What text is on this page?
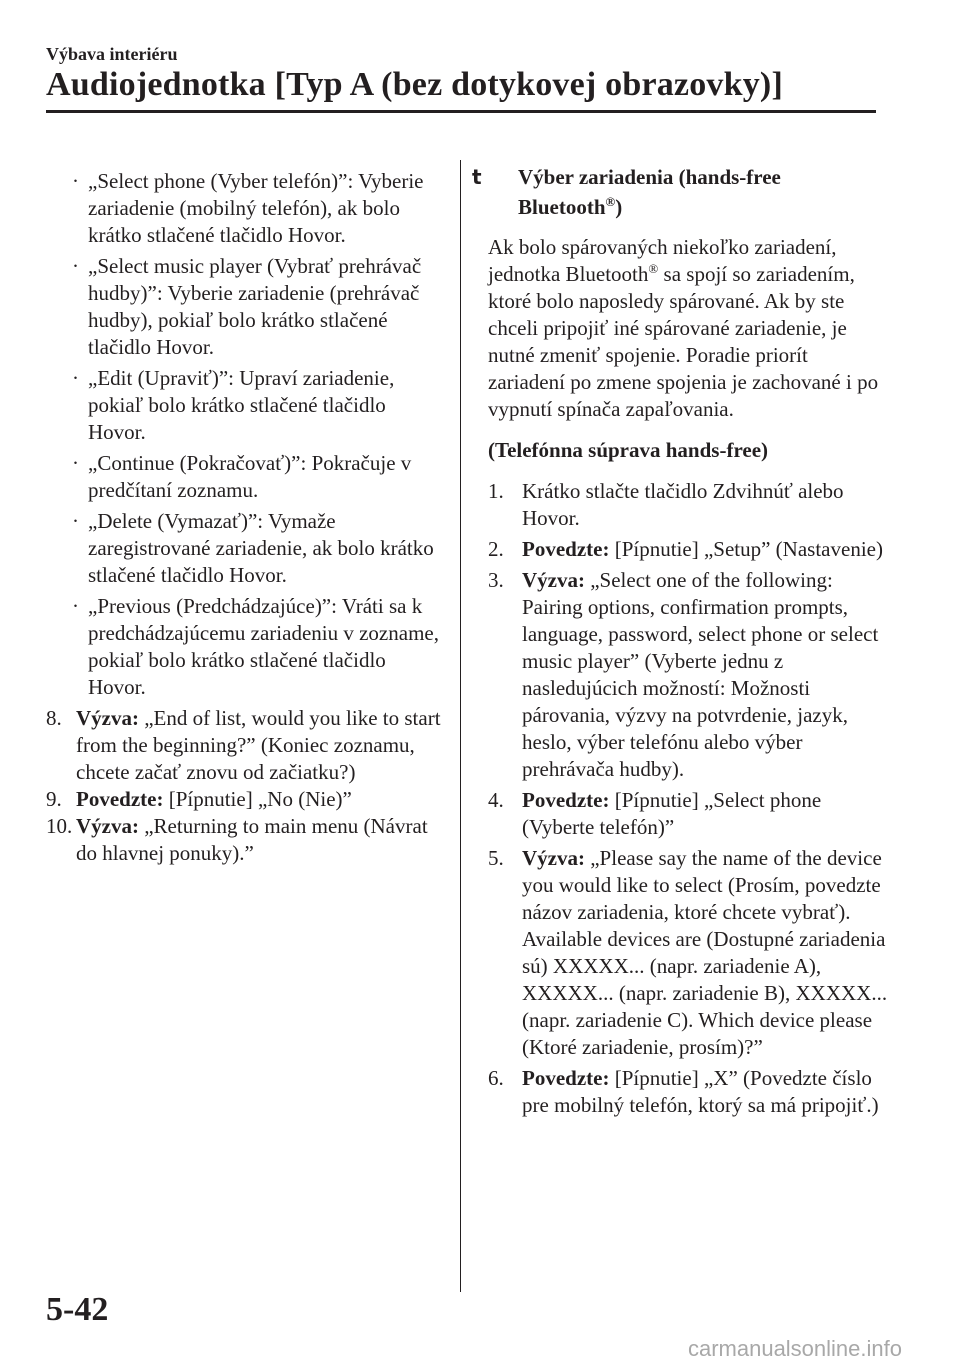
Výbava interiéru
Audiojednotka [Typ A (bez dotykovej obrazovky)]
· „Select phone (Vyber telefón)”: Vyberie zariadenie (mobilný telefón), ak bolo krátko stlačené tlačidlo Hovor.
· „Select music player (Vybrať prehrávač hudby)”: Vyberie zariadenie (prehrávač hudby), pokiaľ bolo krátko stlačené tlačidlo Hovor.
· „Edit (Upraviť)”: Upraví zariadenie, pokiaľ bolo krátko stlačené tlačidlo Hovor.
· „Continue (Pokračovať)”: Pokračuje v predčítaní zoznamu.
· „Delete (Vymazať)”: Vymaže zaregistrované zariadenie, ak bolo krátko stlačené tlačidlo Hovor.
· „Previous (Predchádzajúce)”: Vráti sa k predchádzajúcemu zariadeniu v zozname, pokiaľ bolo krátko stlačené tlačidlo Hovor.
8. Výzva: „End of list, would you like to start from the beginning?” (Koniec zoznamu, chcete začať znovu od začiatku?)
9. Povedzte: [Pípnutie] „No (Nie)”
10. Výzva: „Returning to main menu (Návrat do hlavnej ponuky).”
t Výber zariadenia (hands-free Bluetooth®)
Ak bolo spárovaných niekoľko zariadení, jednotka Bluetooth® sa spojí so zariadením, ktoré bolo naposledy spárované. Ak by ste chceli pripojiť iné spárované zariadenie, je nutné zmeniť spojenie. Poradie priorít zariadení po zmene spojenia je zachované i po vypnutí spínača zapaľovania.
(Telefónna súprava hands-free)
1. Krátko stlačte tlačidlo Zdvihnúť alebo Hovor.
2. Povedzte: [Pípnutie] „Setup” (Nastavenie)
3. Výzva: „Select one of the following: Pairing options, confirmation prompts, language, password, select phone or select music player” (Vyberte jednu z nasledujúcich možností: Možnosti párovania, výzvy na potvrdenie, jazyk, heslo, výber telefónu alebo výber prehrávača hudby).
4. Povedzte: [Pípnutie] „Select phone (Vyberte telefón)”
5. Výzva: „Please say the name of the device you would like to select (Prosím, povedzte názov zariadenia, ktoré chcete vybrať). Available devices are (Dostupné zariadenia sú) XXXXX... (napr. zariadenie A), XXXXX... (napr. zariadenie B), XXXXX... (napr. zariadenie C). Which device please (Ktoré zariadenie, prosím)?”
6. Povedzte: [Pípnutie] „X” (Povedzte číslo pre mobilný telefón, ktorý sa má pripojiť.)
5-42
carmanualsonline.info
